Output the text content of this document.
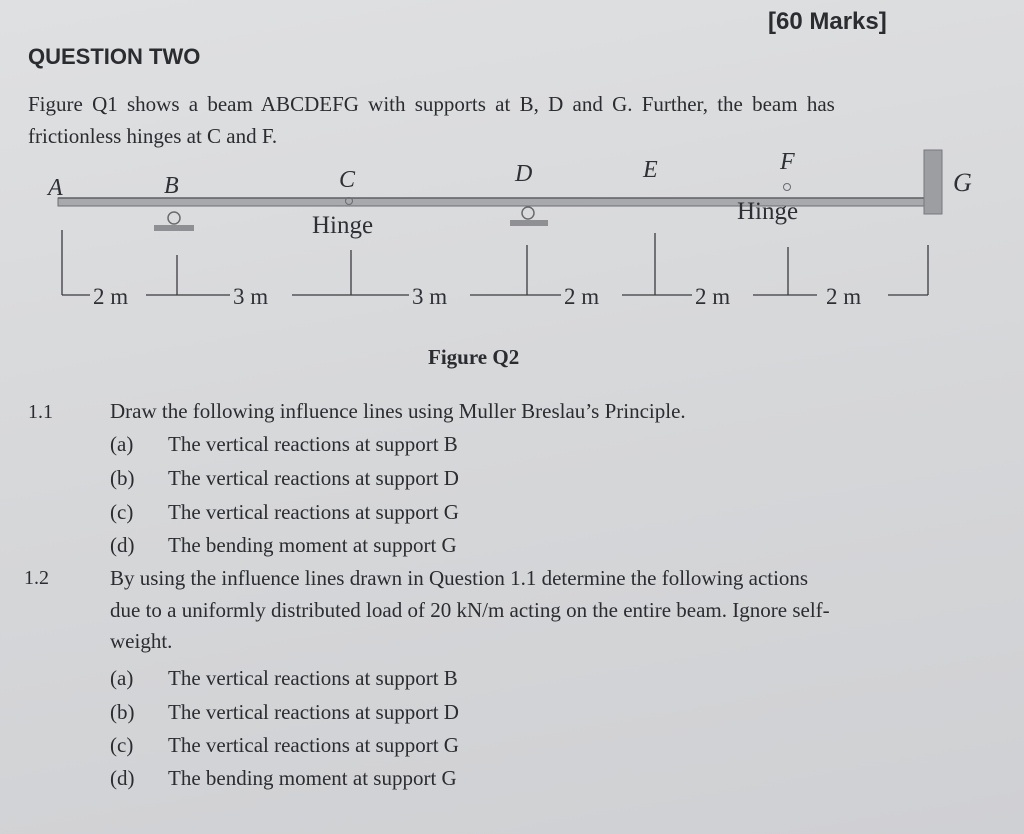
[60 Marks]
QUESTION TWO
Figure Q1 shows a beam ABCDEFG with supports at B, D and G. Further, the beam has
frictionless hinges at C and F.
A	B	C	D	E	F
G
Hinge
Hinge
2 m	3 m	3 m	2 m	2 m	2 m
Figure Q2
1.1	Draw the following influence lines using Muller Breslau’s Principle.
(a)	The vertical reactions at support B
(b)	The vertical reactions at support D
(c)	The vertical reactions at support G
(d)	The bending moment at support G
1.2	By using the influence lines drawn in Question 1.1 determine the following actions
due to a uniformly distributed load of 20 kN/m acting on the entire beam. Ignore self-
weight.
(a)	The vertical reactions at support B
(b)	The vertical reactions at support D
(c)	The vertical reactions at support G
(d)	The bending moment at support G
